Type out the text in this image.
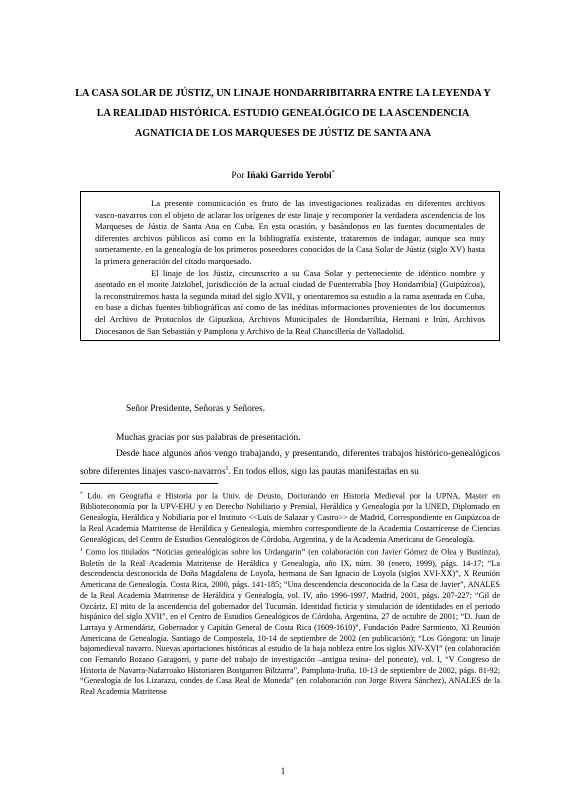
LA CASA SOLAR DE JÚSTIZ, UN LINAJE HONDARRIBITARRA ENTRE LA LEYENDA Y LA REALIDAD HISTÓRICA. ESTUDIO GENEALÓGICO DE LA ASCENDENCIA AGNATICIA DE LOS MARQUESES DE JÚSTIZ DE SANTA ANA
Por Iñaki Garrido Yerobi*

La presente comunicación es fruto de las investigaciones realizadas en diferentes archivos vasco-navarros con el objeto de aclarar los orígenes de este linaje y recomponer la verdadera ascendencia de los Marqueses de Jústiz de Santa Ana en Cuba. En esta ocasión, y basándonos en las fuentes documentales de diferentes archivos públicos así como en la bibliografía existente, trataremos de indagar, aunque sea muy someramente, en la genealogía de los primeros poseedores conocidos de la Casa Solar de Jústiz (siglo XV) hasta la primera generación del citado marquesado.

El linaje de los Jústiz, circunscrito a su Casa Solar y perteneciente de idéntico nombre y asentado en el monte Jaizkibel, jurisdicción de la actual ciudad de Fuenterrabía [hoy Hondarribia] (Guipúzcoa), la reconstruiremos hasta la segunda mitad del siglo XVII, y orientaremos su estudio a la rama asentada en Cuba, en base a dichas fuentes bibliográficas así como de las inéditas informaciones provenientes de los documentos del Archivo de Protocolos de Gipuzkoa, Archivos Municipales de Hondarribia, Hernani e Irún, Archivos Diocesanos de San Sebastián y Pamplona y Archivo de la Real Chancillería de Valladolid.

Señor Presidente, Señoras y Señores.
Muchas gracias por sus palabras de presentación.
Desde hace algunos años vengo trabajando, y presentando, diferentes trabajos histórico-genealógicos sobre diferentes linajes vasco-navarros$^1$. En todos ellos, sigo las pautas manifestadas en su

* Ldo. en Geografía e Historia por la Univ. de Deusto, Doctorando en Historia Medieval por la UPNA, Master en Biblioteconomía por la UPV-EHU y en Derecho Nobiliario y Premial, Heráldica y Genealogía por la UNED, Diplomado en Genealogía, Heráldica y Nobiliaria por el Instituto <<Luis de Salazar y Castro>> de Madrid, Correspondiente en Guipúzcoa de la Real Academia Matritense de Heráldica y Genealogía, miembro correspondiente de la Academia Costarricense de Ciencias Genealógicas, del Centro de Estudios Genealógicos de Córdoba, Argentina, y de la Academia Americana de Genealogía.

$^1$ Como los titulados “Noticias genealógicas sobre los Urdangarin” (en colaboración con Javier Gómez de Olea y Bustinza), Boletín de la Real Academia Matritense de Heráldica y Genealogía, año IX, núm. 30 (enero, 1999), págs. 14-17; “La descendencia desconocida de Doña Magdalena de Loyola, hermana de San Ignacio de Loyola (siglos XVI-XX)”, X Reunión Americana de Genealogía. Costa Rica, 2000, págs. 141-185; “Una descendencia desconocida de la Casa de Javier”, ANALES de la Real Academia Matritense de Heráldica y Genealogía, vol. IV, año 1996-1997, Madrid, 2001, págs. 207-227; “Gil de Ozcáriz. El mito de la ascendencia del gobernador del Tucumán. Identidad ficticia y simulación de identidades en el periodo hispánico del siglo XVII”, en el Centro de Estudios Genealógicos de Córdoba, Argentina, 27 de octubre de 2001; “D. Juan de Larraya y Armendáriz, Gobernador y Capitán General de Costa Rica (1609-1610)”, Fundación Padre Sarmiento, XI Reunión Americana de Genealogía. Santiago de Compostela, 10-14 de septiembre de 2002 (en publicación); “Los Góngora: un linaje bajomedieval navarro. Nuevas aportaciones históricas al estudio de la baja nobleza entre los siglos XIV-XVI” (en colaboración con Fernando Bozano Garagorri, y parte del trabajo de investigación –antigua tesina- del ponente), vol. I, “V Congreso de Historia de Navarra-Nafarroako Historiaren Bostgarren Biltzarra”, Pamplona-Iruña, 10-13 de septiembre de 2002, págs. 81-92; “Genealogía de los Lizarazu, condes de Casa Real de Moneda” (en colaboración con Jorge Rivera Sánchez), ANALES de la Real Academia Matritense

1
